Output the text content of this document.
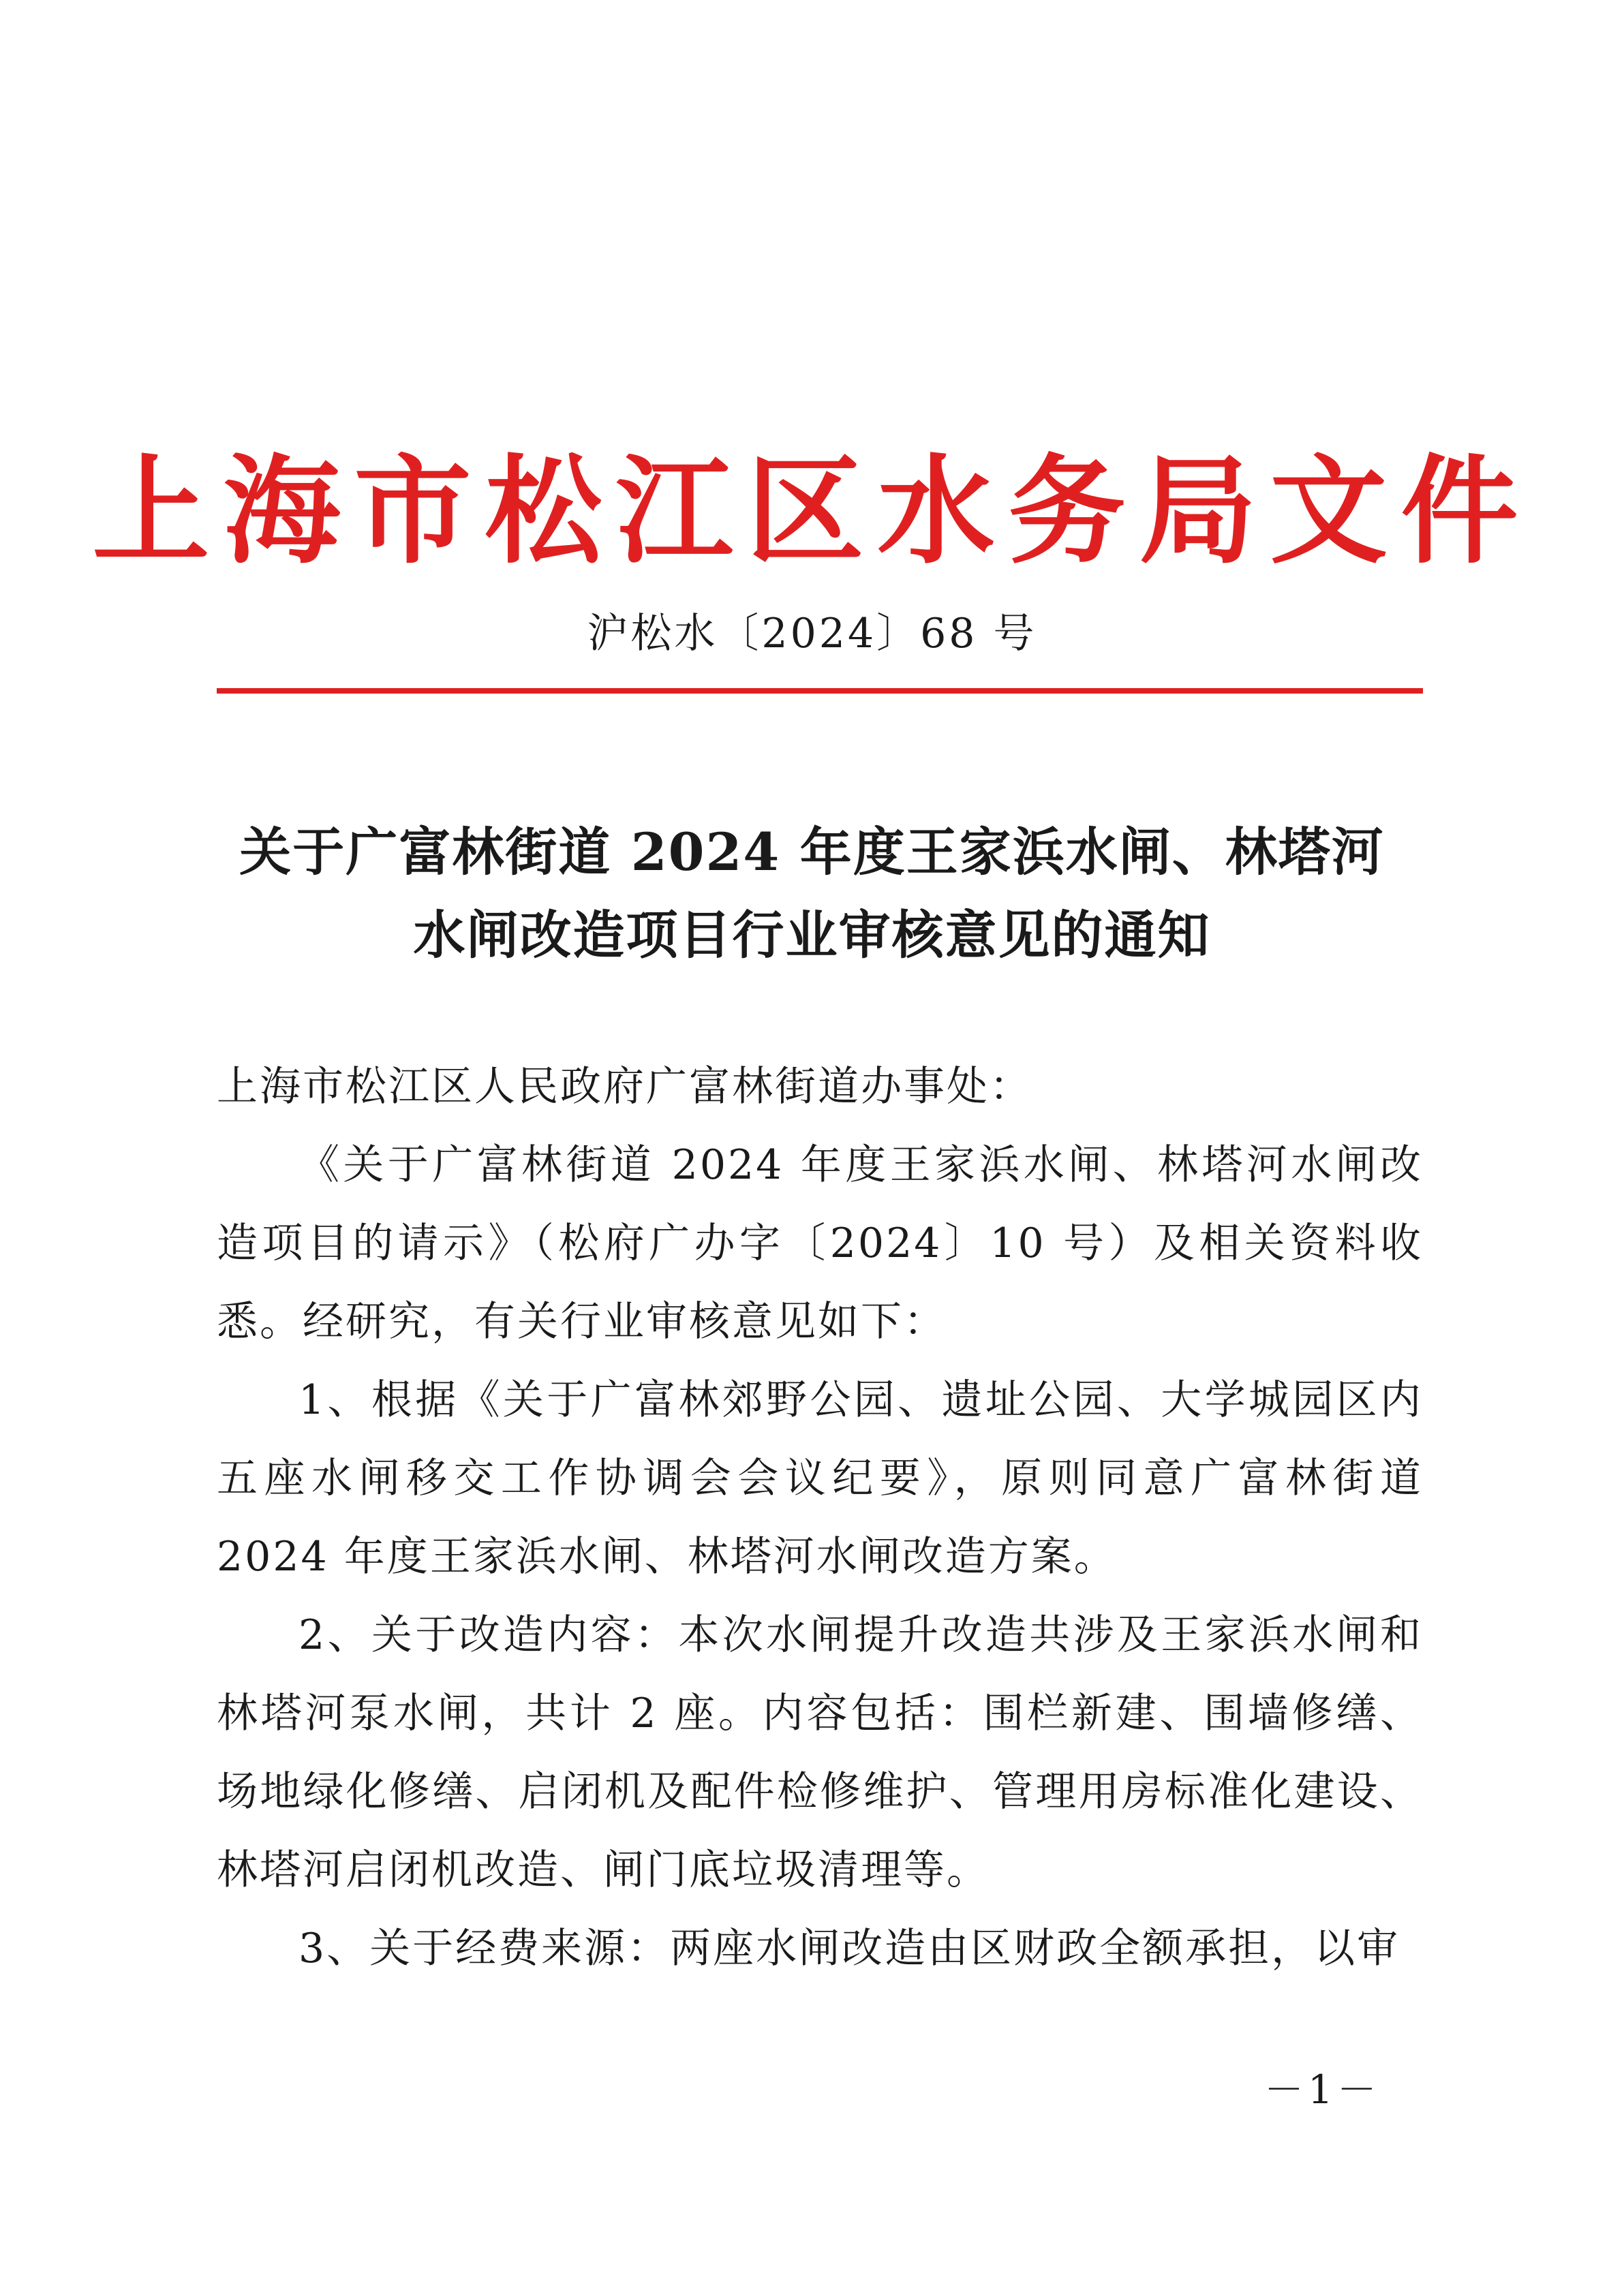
上海市松江区水务局文件
沪松水〔2024〕68 号
关于广富林街道 2024 年度王家浜水闸、林塔河
水闸改造项目行业审核意见的通知

上海市松江区人民政府广富林街道办事处：

《关于广富林街道 2024 年度王家浜水闸、林塔河水闸改造项目的请示》（松府广办字〔2024〕10 号）及相关资料收悉。经研究，有关行业审核意见如下：

1、根据《关于广富林郊野公园、遗址公园、大学城园区内五座水闸移交工作协调会会议纪要》，原则同意广富林街道 2024 年度王家浜水闸、林塔河水闸改造方案。

2、关于改造内容：本次水闸提升改造共涉及王家浜水闸和林塔河泵水闸，共计 2 座。内容包括：围栏新建、围墙修缮、场地绿化修缮、启闭机及配件检修维护、管理用房标准化建设、林塔河启闭机改造、闸门底垃圾清理等。

3、关于经费来源：两座水闸改造由区财政全额承担，以审

－1－
